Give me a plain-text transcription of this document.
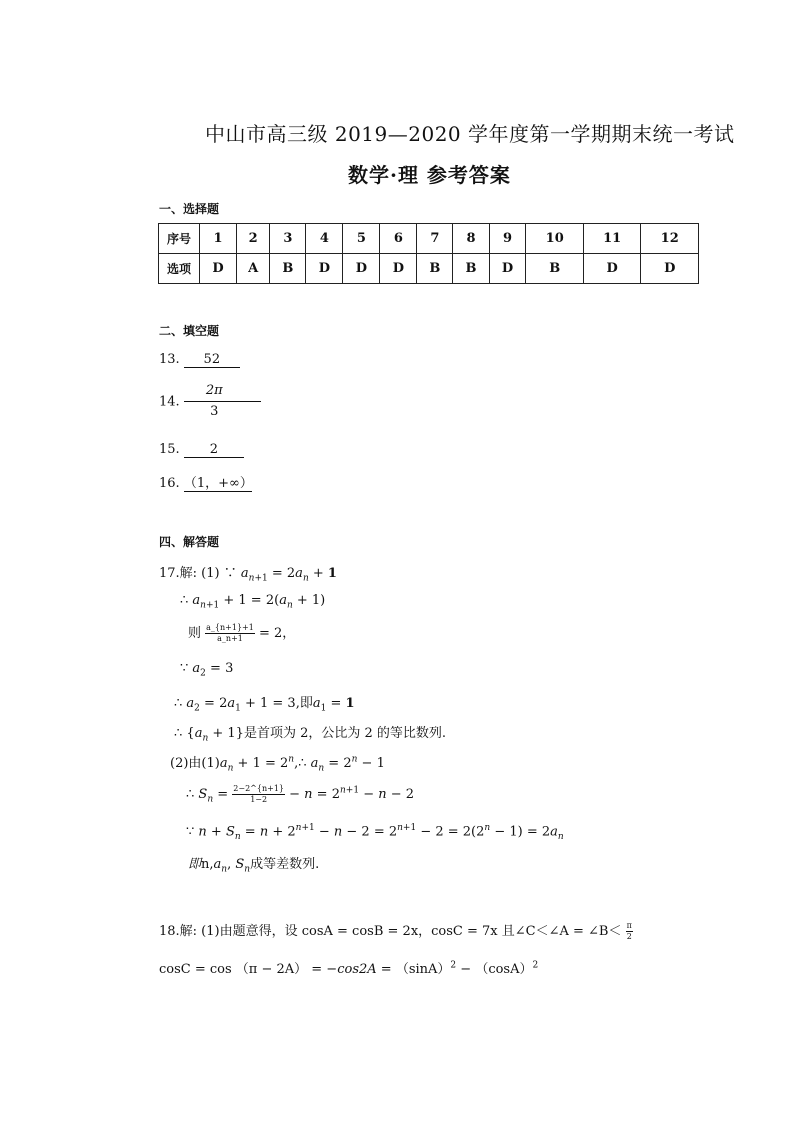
中山市高三级 2019—2020 学年度第一学期期末统一考试
数学·理 参考答案
一、选择题
序号	1	2	3	4	5	6	7	8	9	10	11	12
选项	D	A	B	D	D	D	B	B	D	B	D	D
二、填空题
13. 52
14. $\frac{2\pi}{3}$
15. 2
16. （1，+∞）
四、解答题
17.解: (1) ∵ $a_{n+1} = 2a_n + 1$
∴ $a_{n+1} + 1 = 2(a_n + 1)$
则 $\frac{a\_\{n+1\}+1}{a\_n+1} = 2$，
∵ $a_2 = 3$
∴ $a_2 = 2a_1 + 1 = 3$,即$a_1 = 1$
∴ $\{a_n + 1\}$是首项为 2，公比为 2 的等比数列.
(2)由$(1)a_n + 1$ = $2^n,\therefore$ $a_n = 2^n - 1$
∴ $S_n = \frac{2-2\^{}\{n+1\}}{1-2} - n = 2^{n+1} - n - 2$
∵ $n + S_n = n + 2^{n+1} - n - 2 = 2^{n+1} - 2 = 2(2^n - 1) = 2a_n$
即$n,a_n$, $S_n$成等差数列.
18.解: (1)由题意得，设 cosA = cosB = 2x，cosC = 7x 且∠C＜∠A = ∠B＜ $\frac{\pi}{2}$
$\cos C = \cos (\pi - 2A) = -\cos 2A = (\sin A)^2 - (\cos A)^2$
